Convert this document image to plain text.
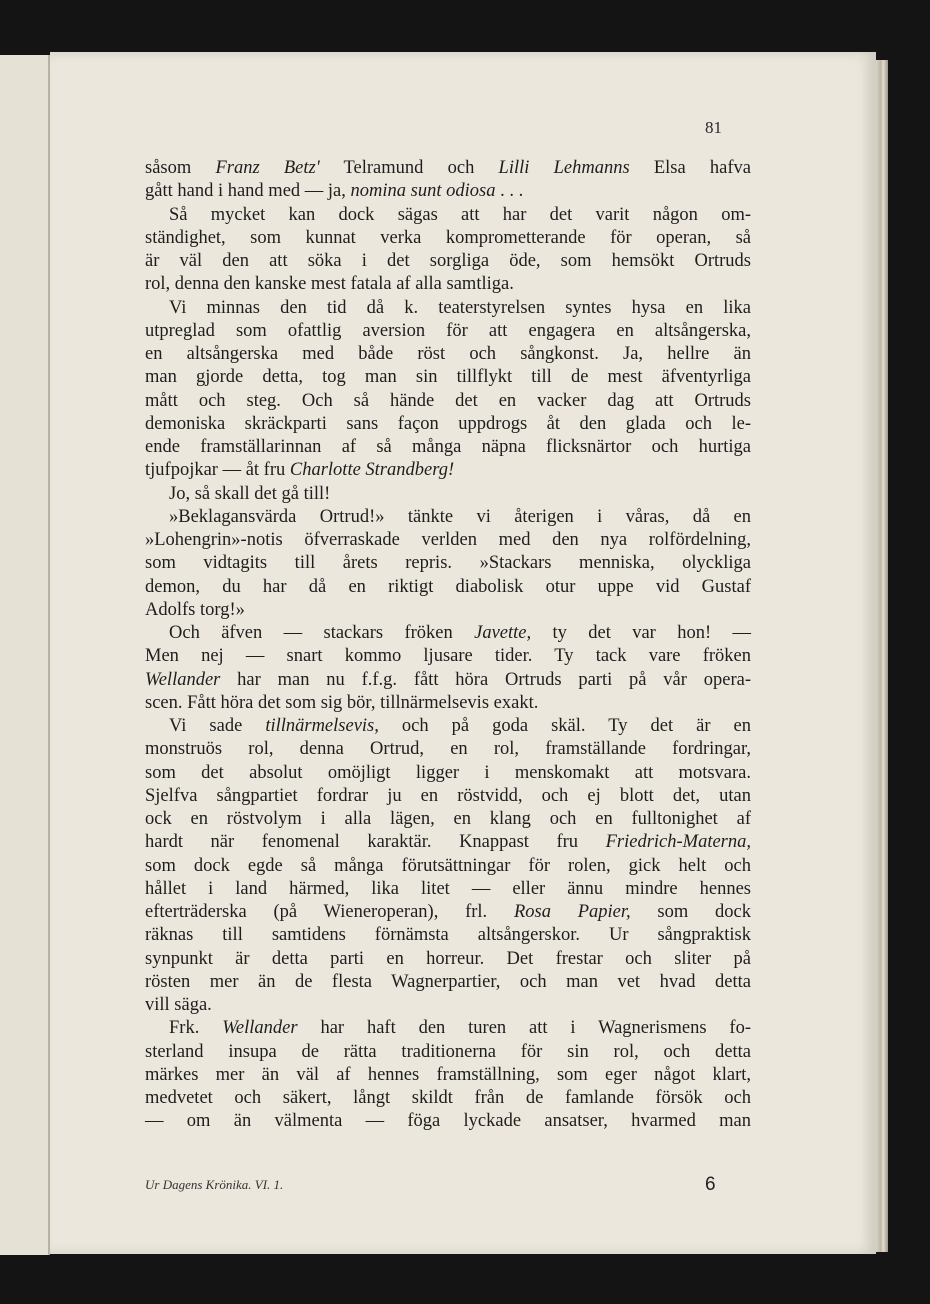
81
såsom Franz Betz' Telramund och Lilli Lehmanns Elsa hafva
gått hand i hand med — ja, nomina sunt odiosa . . .
Så mycket kan dock sägas att har det varit någon om-
ständighet, som kunnat verka komprometterande för operan, så
är väl den att söka i det sorgliga öde, som hemsökt Ortruds
rol, denna den kanske mest fatala af alla samtliga.
Vi minnas den tid då k. teaterstyrelsen syntes hysa en lika
utpreglad som ofattlig aversion för att engagera en altsångerska,
en altsångerska med både röst och sångkonst. Ja, hellre än
man gjorde detta, tog man sin tillflykt till de mest äfventyrliga
mått och steg. Och så hände det en vacker dag att Ortruds
demoniska skräckparti sans façon uppdrogs åt den glada och le-
ende framställarinnan af så många näpna flicksnärtor och hurtiga
tjufpojkar — åt fru Charlotte Strandberg!
Jo, så skall det gå till!
»Beklagansvärda Ortrud!» tänkte vi återigen i våras, då en
»Lohengrin»-notis öfverraskade verlden med den nya rolfördelning,
som vidtagits till årets repris. »Stackars menniska, olyckliga
demon, du har då en riktigt diabolisk otur uppe vid Gustaf
Adolfs torg!»
Och äfven — stackars fröken Javette, ty det var hon! —
Men nej — snart kommo ljusare tider. Ty tack vare fröken
Wellander har man nu f.f.g. fått höra Ortruds parti på vår opera-
scen. Fått höra det som sig bör, tillnärmelsevis exakt.
Vi sade tillnärmelsevis, och på goda skäl. Ty det är en
monstruös rol, denna Ortrud, en rol, framställande fordringar,
som det absolut omöjligt ligger i menskomakt att motsvara.
Sjelfva sångpartiet fordrar ju en röstvidd, och ej blott det, utan
ock en röstvolym i alla lägen, en klang och en fulltonighet af
hardt när fenomenal karaktär. Knappast fru Friedrich-Materna,
som dock egde så många förutsättningar för rolen, gick helt och
hållet i land härmed, lika litet — eller ännu mindre hennes
efterträderska (på Wieneroperan), frl. Rosa Papier, som dock
räknas till samtidens förnämsta altsångerskor. Ur sångpraktisk
synpunkt är detta parti en horreur. Det frestar och sliter på
rösten mer än de flesta Wagnerpartier, och man vet hvad detta
vill säga.
Frk. Wellander har haft den turen att i Wagnerismens fo-
sterland insupa de rätta traditionerna för sin rol, och detta
märkes mer än väl af hennes framställning, som eger något klart,
medvetet och säkert, långt skildt från de famlande försök och
— om än välmenta — föga lyckade ansatser, hvarmed man
Ur Dagens Krönika. VI. 1.	6
